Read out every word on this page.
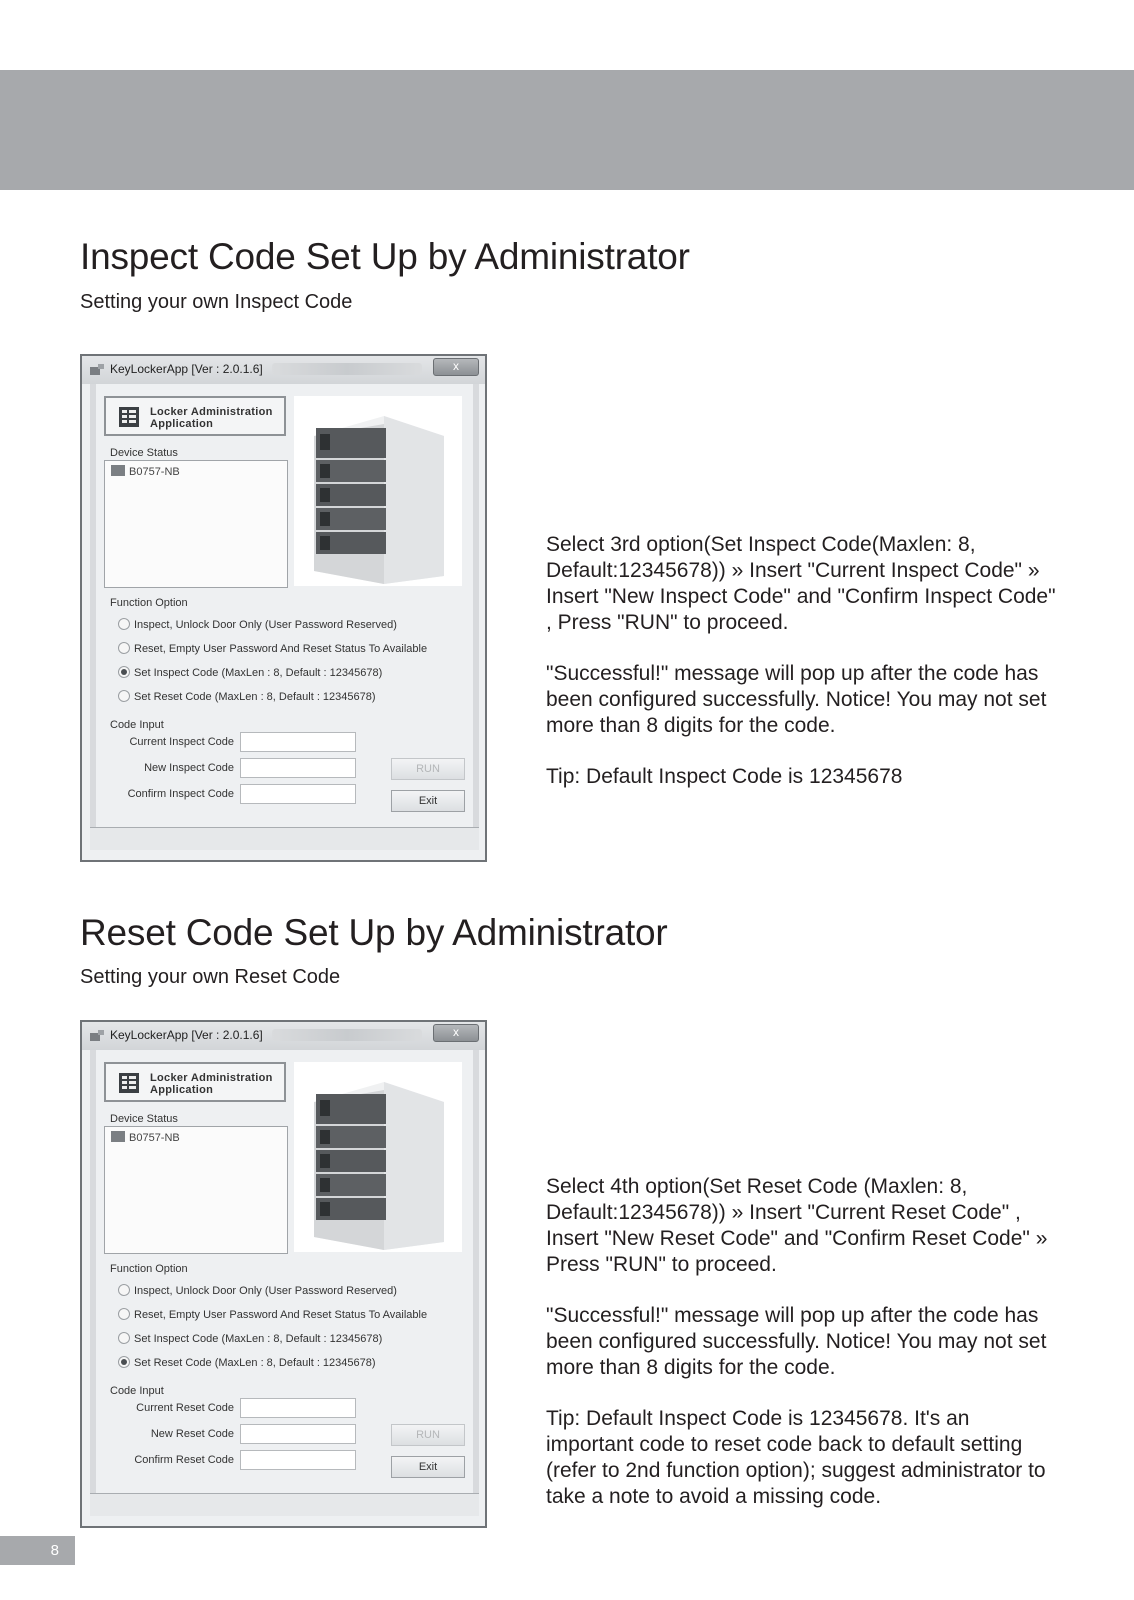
Inspect Code Set Up by Administrator
Setting your own Inspect Code
KeyLockerApp [Ver : 2.0.1.6]	x
Locker Administration
Application
Device Status
B0757-NB
Function Option
Inspect, Unlock Door Only (User Password Reserved)
Reset, Empty User Password And Reset Status To Available
Set Inspect Code (MaxLen : 8, Default : 12345678)
Set Reset Code (MaxLen : 8, Default : 12345678)
Code Input
Current Inspect Code
New Inspect Code
Confirm Inspect Code
RUN
Exit

Select 3rd option(Set Inspect Code(Maxlen: 8, Default:12345678)) » Insert "Current Inspect Code" » Insert "New Inspect Code" and "Confirm Inspect Code" , Press "RUN" to proceed.

"Successful!" message will pop up after the code has been configured successfully. Notice! You may not set more than 8 digits for the code.

Tip: Default Inspect Code is 12345678

Reset Code Set Up by Administrator
Setting your own Reset Code
KeyLockerApp [Ver : 2.0.1.6]	x
Locker Administration
Application
Device Status
B0757-NB
Function Option
Inspect, Unlock Door Only (User Password Reserved)
Reset, Empty User Password And Reset Status To Available
Set Inspect Code (MaxLen : 8, Default : 12345678)
Set Reset Code (MaxLen : 8, Default : 12345678)
Code Input
Current Reset Code
New Reset Code
Confirm Reset Code
RUN
Exit

Select 4th option(Set Reset Code (Maxlen: 8, Default:12345678)) » Insert "Current Reset Code" , Insert "New Reset Code" and "Confirm Reset Code" » Press "RUN" to proceed.

"Successful!" message will pop up after the code has been configured successfully. Notice! You may not set more than 8 digits for the code.

Tip: Default Inspect Code is 12345678. It's an important code to reset code back to default setting (refer to 2nd function option); suggest administrator to take a note to avoid a missing code.

8
